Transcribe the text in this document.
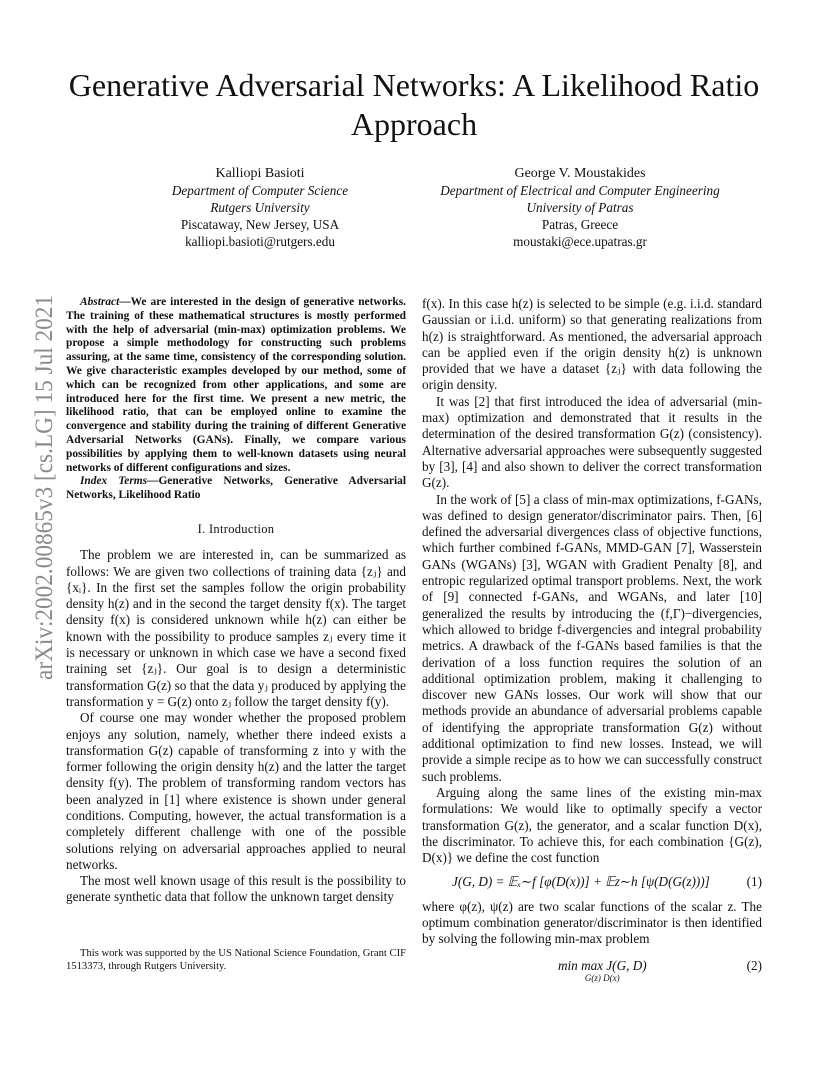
arXiv:2002.00865v3 [cs.LG] 15 Jul 2021
Generative Adversarial Networks: A Likelihood Ratio Approach
Kalliopi Basioti
Department of Computer Science
Rutgers University
Piscataway, New Jersey, USA
kalliopi.basioti@rutgers.edu
George V. Moustakides
Department of Electrical and Computer Engineering
University of Patras
Patras, Greece
moustaki@ece.upatras.gr

Abstract—We are interested in the design of generative networks. The training of these mathematical structures is mostly performed with the help of adversarial (min-max) optimization problems. We propose a simple methodology for constructing such problems assuring, at the same time, consistency of the corresponding solution. We give characteristic examples developed by our method, some of which can be recognized from other applications, and some are introduced here for the first time. We present a new metric, the likelihood ratio, that can be employed online to examine the convergence and stability during the training of different Generative Adversarial Networks (GANs). Finally, we compare various possibilities by applying them to well-known datasets using neural networks of different configurations and sizes.

Index Terms—Generative Networks, Generative Adversarial Networks, Likelihood Ratio

I. Introduction

The problem we are interested in, can be summarized as follows: We are given two collections of training data {zⱼ} and {xᵢ}. In the first set the samples follow the origin probability density h(z) and in the second the target density f(x). The target density f(x) is considered unknown while h(z) can either be known with the possibility to produce samples zⱼ every time it is necessary or unknown in which case we have a second fixed training set {zⱼ}. Our goal is to design a deterministic transformation G(z) so that the data yⱼ produced by applying the transformation y = G(z) onto zⱼ follow the target density f(y).

Of course one may wonder whether the proposed problem enjoys any solution, namely, whether there indeed exists a transformation G(z) capable of transforming z into y with the former following the origin density h(z) and the latter the target density f(y). The problem of transforming random vectors has been analyzed in [1] where existence is shown under general conditions. Computing, however, the actual transformation is a completely different challenge with one of the possible solutions relying on adversarial approaches applied to neural networks.

The most well known usage of this result is the possibility to generate synthetic data that follow the unknown target density

This work was supported by the US National Science Foundation, Grant CIF 1513373, through Rutgers University.

f(x). In this case h(z) is selected to be simple (e.g. i.i.d. standard Gaussian or i.i.d. uniform) so that generating realizations from h(z) is straightforward. As mentioned, the adversarial approach can be applied even if the origin density h(z) is unknown provided that we have a dataset {zⱼ} with data following the origin density.

It was [2] that first introduced the idea of adversarial (min-max) optimization and demonstrated that it results in the determination of the desired transformation G(z) (consistency). Alternative adversarial approaches were subsequently suggested by [3], [4] and also shown to deliver the correct transformation G(z).

In the work of [5] a class of min-max optimizations, f-GANs, was defined to design generator/discriminator pairs. Then, [6] defined the adversarial divergences class of objective functions, which further combined f-GANs, MMD-GAN [7], Wasserstein GANs (WGANs) [3], WGAN with Gradient Penalty [8], and entropic regularized optimal transport problems. Next, the work of [9] connected f-GANs, and WGANs, and later [10] generalized the results by introducing the (f,Γ)−divergencies, which allowed to bridge f-divergencies and integral probability metrics. A drawback of the f-GANs based families is that the derivation of a loss function requires the solution of an additional optimization problem, making it challenging to discover new GANs losses. Our work will show that our methods provide an abundance of adversarial problems capable of identifying the appropriate transformation G(z) without additional optimization to find new losses. Instead, we will provide a simple recipe as to how we can successfully construct such problems.

Arguing along the same lines of the existing min-max formulations: We would like to optimally specify a vector transformation G(z), the generator, and a scalar function D(x), the discriminator. To achieve this, for each combination {G(z), D(x)} we define the cost function

J(G, D) = 𝔼ₓ∼f [φ(D(x))] + 𝔼z∼h [ψ(D(G(z)))]	(1)

where φ(z), ψ(z) are two scalar functions of the scalar z. The optimum combination generator/discriminator is then identified by solving the following min-max problem

min max J(G, D)
G(z) D(x)
(2)
